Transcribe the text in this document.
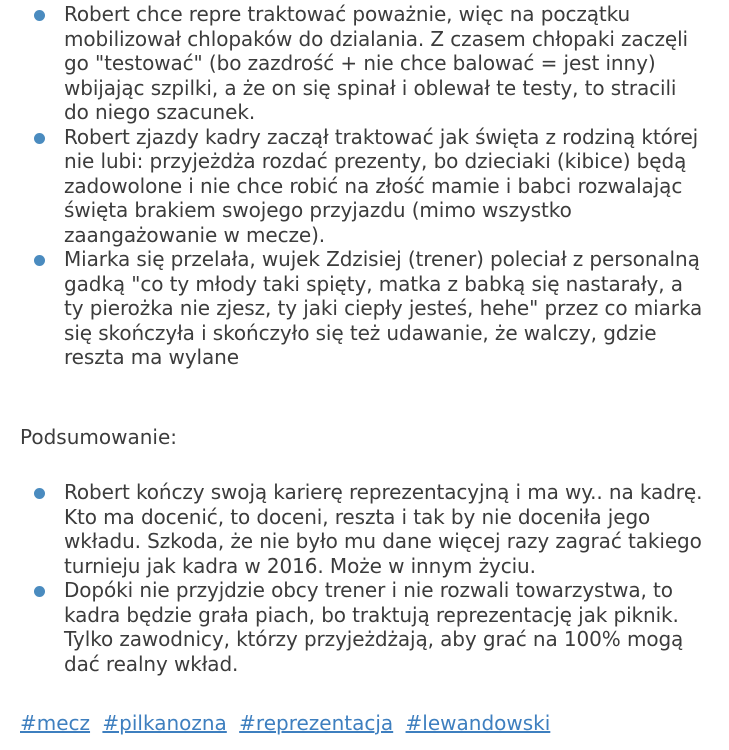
Robert chce repre traktować poważnie, więc na początku mobilizował chlopaków do dzialania. Z czasem chłopaki zaczęli go "testować" (bo zazdrość + nie chce balować = jest inny) wbijając szpilki, a że on się spinał i oblewał te testy, to stracili do niego szacunek.
Robert zjazdy kadry zaczął traktować jak święta z rodziną której nie lubi: przyjeżdża rozdać prezenty, bo dzieciaki (kibice) będą zadowolone i nie chce robić na złość mamie i babci rozwalając święta brakiem swojego przyjazdu (mimo wszystko zaangażowanie w mecze).
Miarka się przelała, wujek Zdzisiej (trener) poleciał z personalną gadką "co ty młody taki spięty, matka z babką się nastarały, a ty pierożka nie zjesz, ty jaki ciepły jesteś, hehe" przez co miarka się skończyła i skończyło się też udawanie, że walczy, gdzie reszta ma wylane
Podsumowanie:
Robert kończy swoją karierę reprezentacyjną i ma wy.. na kadrę. Kto ma docenić, to doceni, reszta i tak by nie doceniła jego wkładu. Szkoda, że nie było mu dane więcej razy zagrać takiego turnieju jak kadra w 2016. Może w innym życiu.
Dopóki nie przyjdzie obcy trener i nie rozwali towarzystwa, to kadra będzie grała piach, bo traktują reprezentację jak piknik. Tylko zawodnicy, którzy przyjeżdżają, aby grać na 100% mogą dać realny wkład.
#mecz #pilkanozna #reprezentacja #lewandowski
